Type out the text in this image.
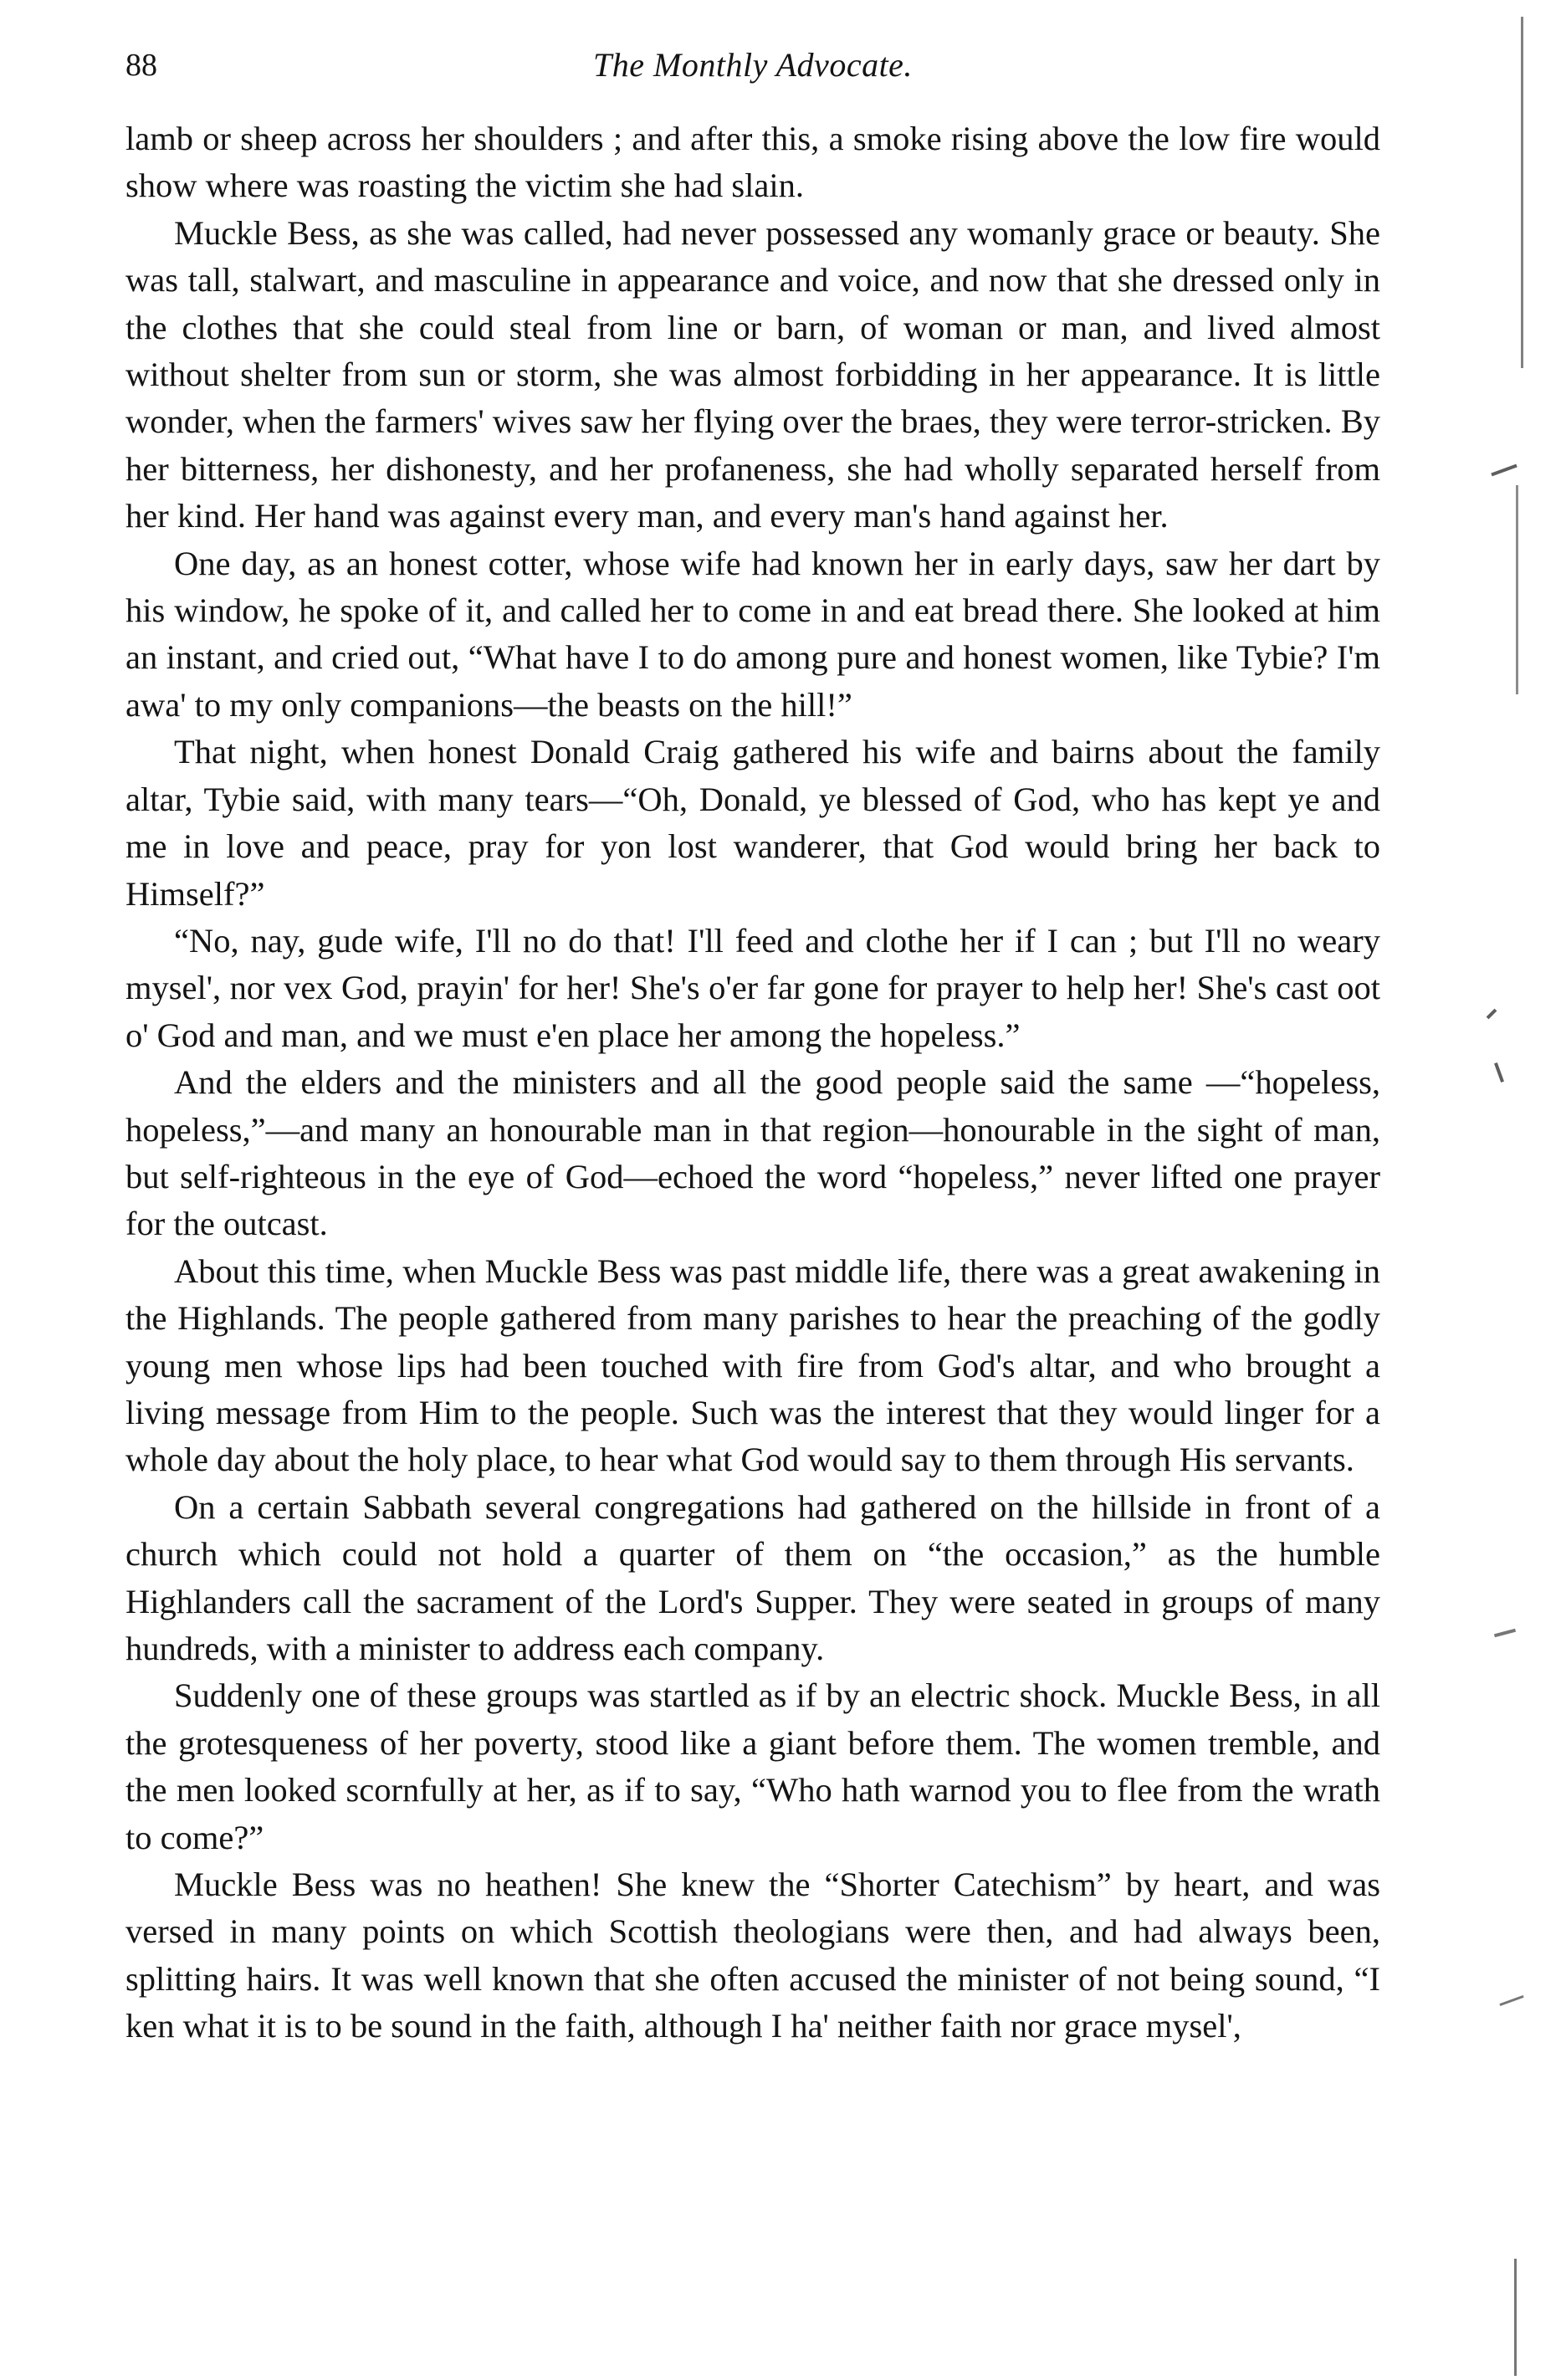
88	The Monthly Advocate.

lamb or sheep across her shoulders ; and after this, a smoke rising above the low fire would show where was roasting the victim she had slain.

Muckle Bess, as she was called, had never possessed any womanly grace or beauty. She was tall, stalwart, and masculine in appearance and voice, and now that she dressed only in the clothes that she could steal from line or barn, of woman or man, and lived almost without shelter from sun or storm, she was almost forbidding in her appearance. It is little wonder, when the farmers' wives saw her flying over the braes, they were terror-stricken. By her bitterness, her dishonesty, and her profaneness, she had wholly separated herself from her kind. Her hand was against every man, and every man's hand against her.

One day, as an honest cotter, whose wife had known her in early days, saw her dart by his window, he spoke of it, and called her to come in and eat bread there. She looked at him an instant, and cried out, “What have I to do among pure and honest women, like Tybie? I'm awa' to my only companions—the beasts on the hill!”

That night, when honest Donald Craig gathered his wife and bairns about the family altar, Tybie said, with many tears—“Oh, Donald, ye blessed of God, who has kept ye and me in love and peace, pray for yon lost wanderer, that God would bring her back to Himself?”

“No, nay, gude wife, I'll no do that! I'll feed and clothe her if I can ; but I'll no weary mysel', nor vex God, prayin' for her! She's o'er far gone for prayer to help her! She's cast oot o' God and man, and we must e'en place her among the hopeless.”

And the elders and the ministers and all the good people said the same —“hopeless, hopeless,”—and many an honourable man in that region—honourable in the sight of man, but self-righteous in the eye of God—echoed the word “hopeless,” never lifted one prayer for the outcast.

About this time, when Muckle Bess was past middle life, there was a great awakening in the Highlands. The people gathered from many parishes to hear the preaching of the godly young men whose lips had been touched with fire from God's altar, and who brought a living message from Him to the people. Such was the interest that they would linger for a whole day about the holy place, to hear what God would say to them through His servants.

On a certain Sabbath several congregations had gathered on the hillside in front of a church which could not hold a quarter of them on “the occasion,” as the humble Highlanders call the sacrament of the Lord's Supper. They were seated in groups of many hundreds, with a minister to address each company.

Suddenly one of these groups was startled as if by an electric shock. Muckle Bess, in all the grotesqueness of her poverty, stood like a giant before them. The women tremble, and the men looked scornfully at her, as if to say, “Who hath warnod you to flee from the wrath to come?”

Muckle Bess was no heathen! She knew the “Shorter Catechism” by heart, and was versed in many points on which Scottish theologians were then, and had always been, splitting hairs. It was well known that she often accused the minister of not being sound, “I ken what it is to be sound in the faith, although I ha' neither faith nor grace mysel',
